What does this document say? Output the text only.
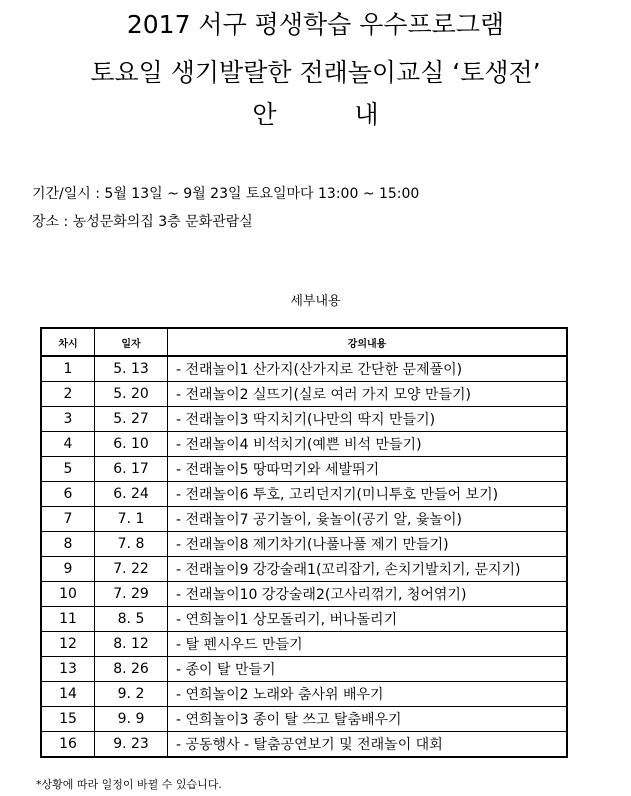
2017 서구 평생학습 우수프로그램
토요일 생기발랄한 전래놀이교실 ‘토생전’
안	내
기간/일시 : 5월 13일 ~ 9월 23일 토요일마다 13:00 ~ 15:00
장소 : 농성문화의집 3층 문화관람실
세부내용
차시	일자	강의내용
1	5. 13	- 전래놀이1 산가지(산가지로 간단한 문제풀이)
2	5. 20	- 전래놀이2 실뜨기(실로 여러 가지 모양 만들기)
3	5. 27	- 전래놀이3 딱지치기(나만의 딱지 만들기)
4	6. 10	- 전래놀이4 비석치기(예쁜 비석 만들기)
5	6. 17	- 전래놀이5 땅따먹기와 세발뛰기
6	6. 24	- 전래놀이6 투호, 고리던지기(미니투호 만들어 보기)
7	7. 1	- 전래놀이7 공기놀이, 윷놀이(공기 알, 윷놀이)
8	7. 8	- 전래놀이8 제기차기(나풀나풀 제기 만들기)
9	7. 22	- 전래놀이9 강강술래1(꼬리잡기, 손치기발치기, 문지기)
10	7. 29	- 전래놀이10 강강술래2(고사리꺾기, 청어엮기)
11	8. 5	- 연희놀이1 상모돌리기, 버나돌리기
12	8. 12	- 탈 펜시우드 만들기
13	8. 26	- 종이 탈 만들기
14	9. 2	- 연희놀이2 노래와 춤사위 배우기
15	9. 9	- 연희놀이3 종이 탈 쓰고 탈춤배우기
16	9. 23	- 공동행사 - 탈춤공연보기 및 전래놀이 대회
*상황에 따라 일정이 바뀔 수 있습니다.
